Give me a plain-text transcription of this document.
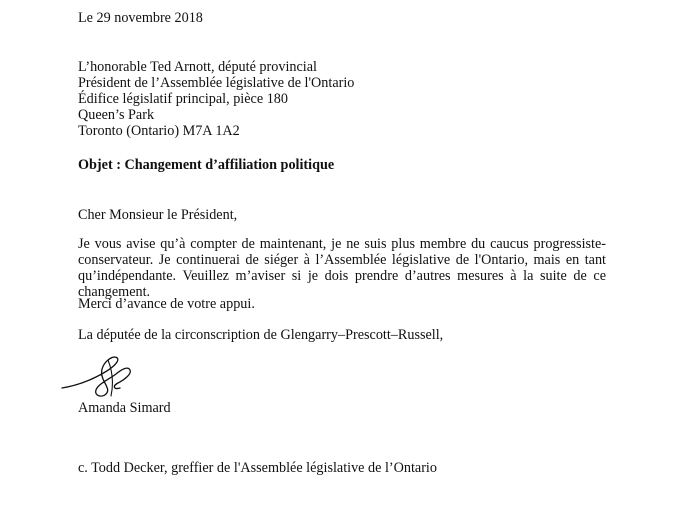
Le 29 novembre 2018
L’honorable Ted Arnott, député provincial
Président de l’Assemblée législative de l'Ontario
Édifice législatif principal, pièce 180
Queen’s Park
Toronto (Ontario) M7A 1A2
Objet : Changement d’affiliation politique
Cher Monsieur le Président,

Je vous avise qu’à compter de maintenant, je ne suis plus membre du caucus progressiste-

conservateur. Je continuerai de siéger à l’Assemblée législative de l'Ontario, mais en tant

qu’indépendante. Veuillez m’aviser si je dois prendre d’autres mesures à la suite de ce changement.

Merci d’avance de votre appui.
La députée de la circonscription de Glengarry–Prescott–Russell,
Amanda Simard
c. Todd Decker, greffier de l'Assemblée législative de l’Ontario
